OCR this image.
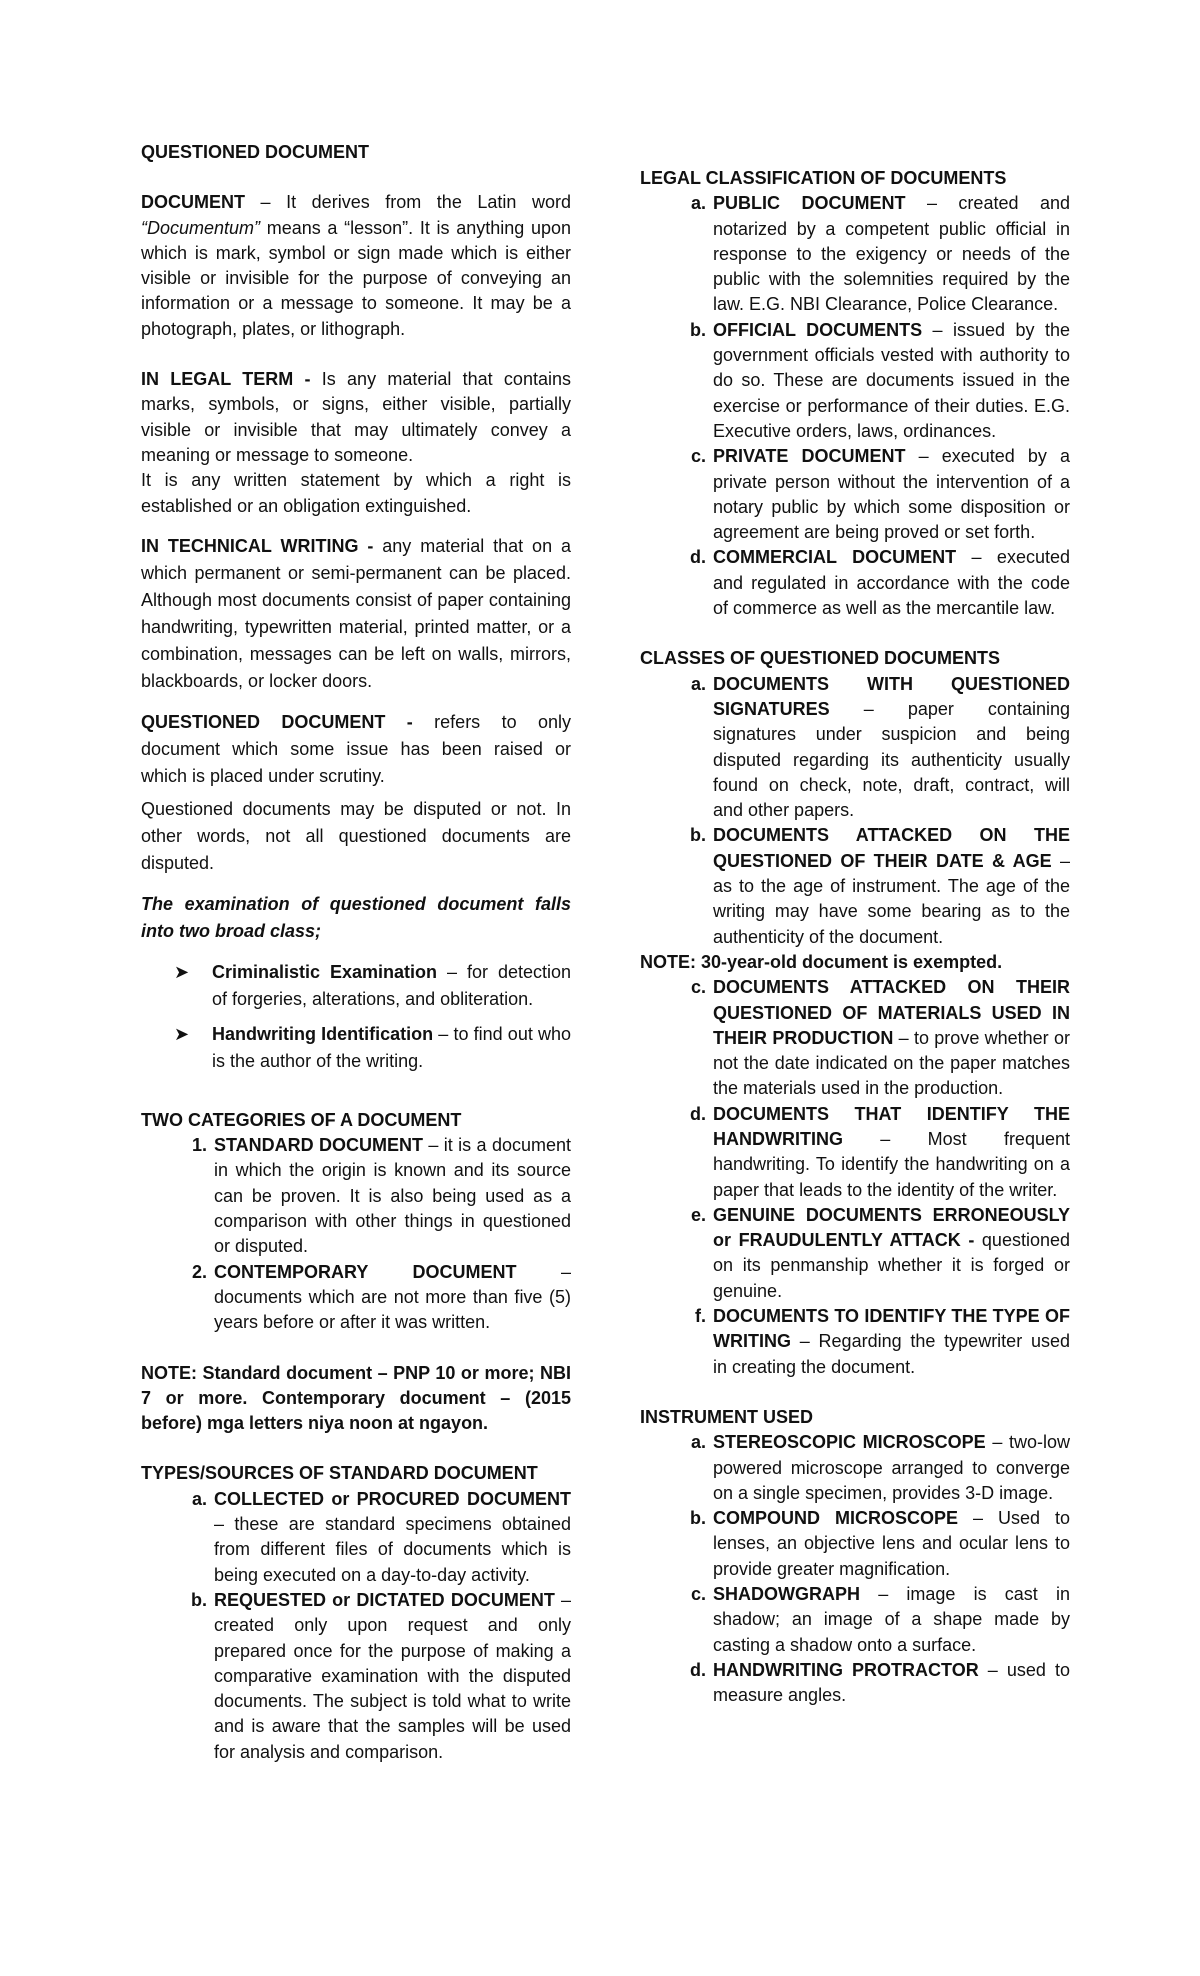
QUESTIONED DOCUMENT

DOCUMENT – It derives from the Latin word “Documentum” means a “lesson”. It is anything upon which is mark, symbol or sign made which is either visible or invisible for the purpose of conveying an information or a message to someone. It may be a photograph, plates, or lithograph.

IN LEGAL TERM - Is any material that contains marks, symbols, or signs, either visible, partially visible or invisible that may ultimately convey a meaning or message to someone.

It is any written statement by which a right is established or an obligation extinguished.

IN TECHNICAL WRITING - any material that on a which permanent or semi-permanent can be placed. Although most documents consist of paper containing handwriting, typewritten material, printed matter, or a combination, messages can be left on walls, mirrors, blackboards, or locker doors.

QUESTIONED DOCUMENT - refers to only document which some issue has been raised or which is placed under scrutiny.

Questioned documents may be disputed or not. In other words, not all questioned documents are disputed.

The examination of questioned document falls into two broad class;

➤ Criminalistic Examination – for detection of forgeries, alterations, and obliteration.
➤ Handwriting Identification – to find out who is the author of the writing.

TWO CATEGORIES OF A DOCUMENT

1. STANDARD DOCUMENT – it is a document in which the origin is known and its source can be proven. It is also being used as a comparison with other things in questioned or disputed.
2. CONTEMPORARY DOCUMENT – documents which are not more than five (5) years before or after it was written.

NOTE: Standard document – PNP 10 or more; NBI 7 or more. Contemporary document – (2015 before) mga letters niya noon at ngayon.

TYPES/SOURCES OF STANDARD DOCUMENT

a. COLLECTED or PROCURED DOCUMENT – these are standard specimens obtained from different files of documents which is being executed on a day-to-day activity.
b. REQUESTED or DICTATED DOCUMENT – created only upon request and only prepared once for the purpose of making a comparative examination with the disputed documents. The subject is told what to write and is aware that the samples will be used for analysis and comparison.

LEGAL CLASSIFICATION OF DOCUMENTS

a. PUBLIC DOCUMENT – created and notarized by a competent public official in response to the exigency or needs of the public with the solemnities required by the law. E.G. NBI Clearance, Police Clearance.
b. OFFICIAL DOCUMENTS – issued by the government officials vested with authority to do so. These are documents issued in the exercise or performance of their duties. E.G. Executive orders, laws, ordinances.
c. PRIVATE DOCUMENT – executed by a private person without the intervention of a notary public by which some disposition or agreement are being proved or set forth.
d. COMMERCIAL DOCUMENT – executed and regulated in accordance with the code of commerce as well as the mercantile law.

CLASSES OF QUESTIONED DOCUMENTS

a. DOCUMENTS WITH QUESTIONED SIGNATURES – paper containing signatures under suspicion and being disputed regarding its authenticity usually found on check, note, draft, contract, will and other papers.
b. DOCUMENTS ATTACKED ON THE QUESTIONED OF THEIR DATE & AGE – as to the age of instrument. The age of the writing may have some bearing as to the authenticity of the document.

NOTE: 30-year-old document is exempted.

c. DOCUMENTS ATTACKED ON THEIR QUESTIONED OF MATERIALS USED IN THEIR PRODUCTION – to prove whether or not the date indicated on the paper matches the materials used in the production.
d. DOCUMENTS THAT IDENTIFY THE HANDWRITING – Most frequent handwriting. To identify the handwriting on a paper that leads to the identity of the writer.
e. GENUINE DOCUMENTS ERRONEOUSLY or FRAUDULENTLY ATTACK - questioned on its penmanship whether it is forged or genuine.
f. DOCUMENTS TO IDENTIFY THE TYPE OF WRITING – Regarding the typewriter used in creating the document.

INSTRUMENT USED

a. STEREOSCOPIC MICROSCOPE – two-low powered microscope arranged to converge on a single specimen, provides 3-D image.
b. COMPOUND MICROSCOPE – Used to lenses, an objective lens and ocular lens to provide greater magnification.
c. SHADOWGRAPH – image is cast in shadow; an image of a shape made by casting a shadow onto a surface.
d. HANDWRITING PROTRACTOR – used to measure angles.
